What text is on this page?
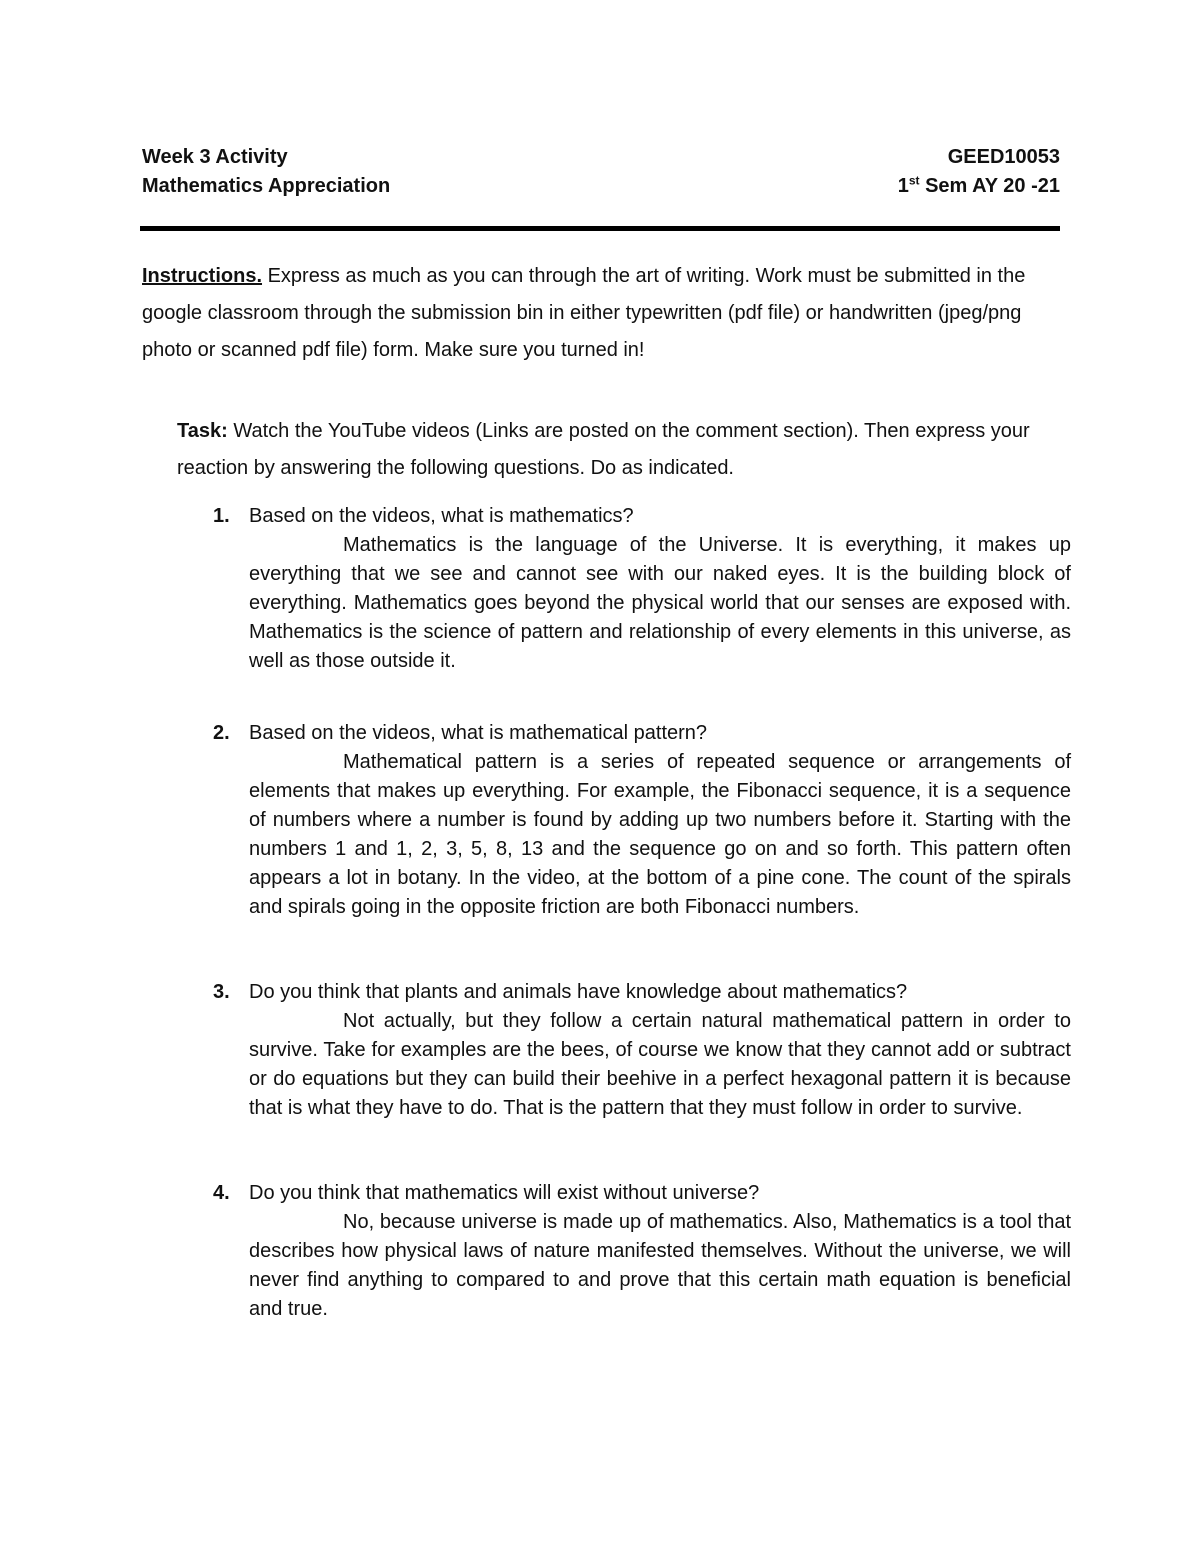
Week 3 Activity	GEED10053
Mathematics Appreciation	1st Sem AY 20 -21
Instructions. Express as much as you can through the art of writing. Work must be submitted in the google classroom through the submission bin in either typewritten (pdf file) or handwritten (jpeg/png photo or scanned pdf file) form. Make sure you turned in!
Task: Watch the YouTube videos (Links are posted on the comment section). Then express your reaction by answering the following questions. Do as indicated.
1. Based on the videos, what is mathematics?
Mathematics is the language of the Universe. It is everything, it makes up everything that we see and cannot see with our naked eyes. It is the building block of everything. Mathematics goes beyond the physical world that our senses are exposed with. Mathematics is the science of pattern and relationship of every elements in this universe, as well as those outside it.
2. Based on the videos, what is mathematical pattern?
Mathematical pattern is a series of repeated sequence or arrangements of elements that makes up everything. For example, the Fibonacci sequence, it is a sequence of numbers where a number is found by adding up two numbers before it. Starting with the numbers 1 and 1, 2, 3, 5, 8, 13 and the sequence go on and so forth. This pattern often appears a lot in botany. In the video, at the bottom of a pine cone. The count of the spirals and spirals going in the opposite friction are both Fibonacci numbers.
3. Do you think that plants and animals have knowledge about mathematics?
Not actually, but they follow a certain natural mathematical pattern in order to survive. Take for examples are the bees, of course we know that they cannot add or subtract or do equations but they can build their beehive in a perfect hexagonal pattern it is because that is what they have to do. That is the pattern that they must follow in order to survive.
4. Do you think that mathematics will exist without universe?
No, because universe is made up of mathematics. Also, Mathematics is a tool that describes how physical laws of nature manifested themselves. Without the universe, we will never find anything to compared to and prove that this certain math equation is beneficial and true.
